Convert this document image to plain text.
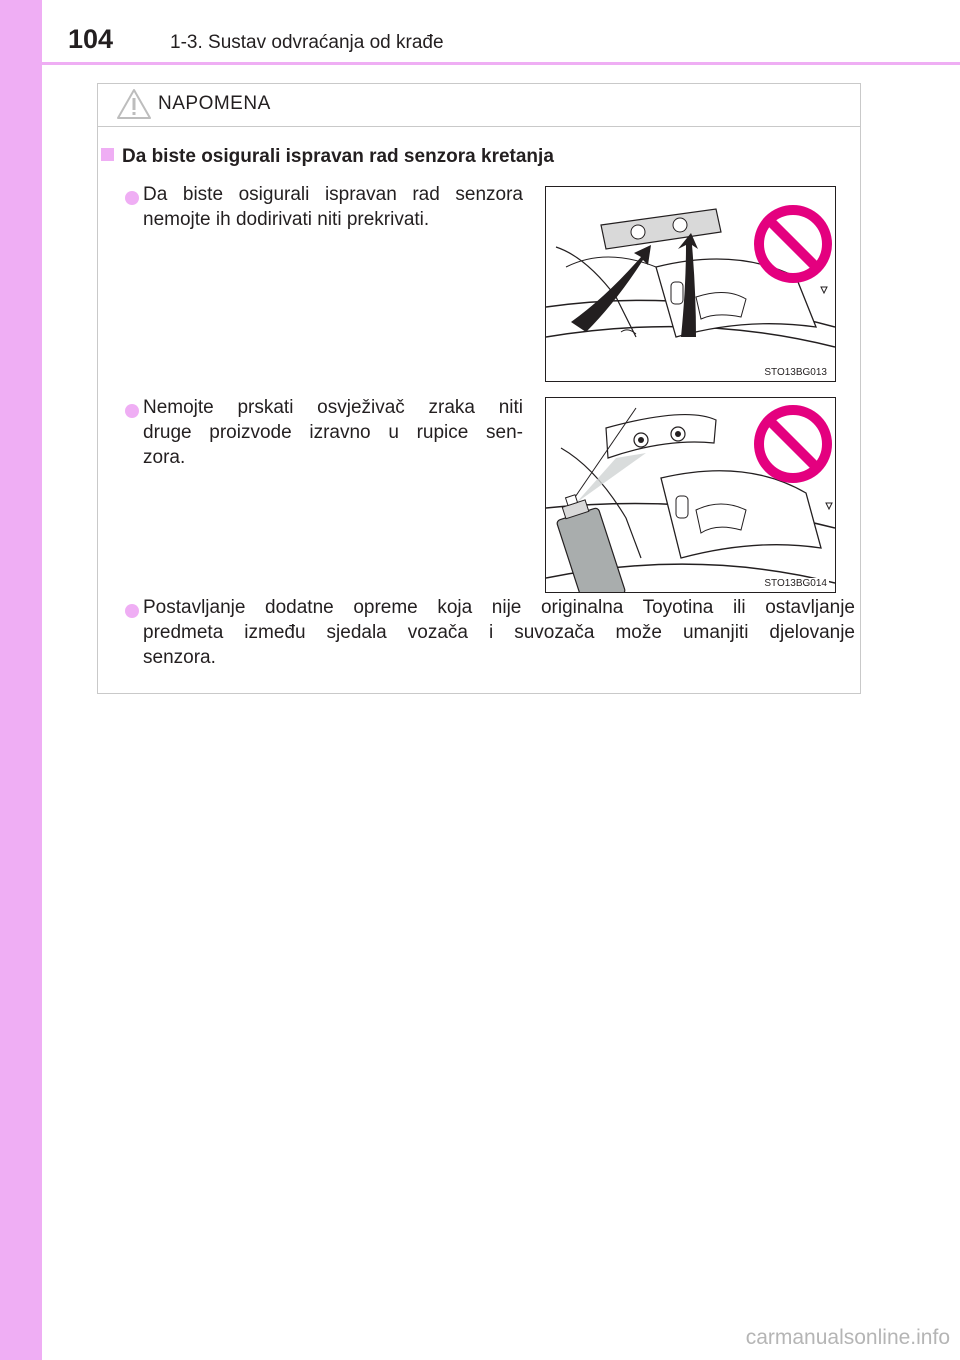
104	1-3. Sustav odvraćanja od krađe
NAPOMENA
Da biste osigurali ispravan rad senzora kretanja
Da biste osigurali ispravan rad senzora
nemojte ih dodirivati niti prekrivati.
Nemojte prskati osvježivač zraka niti
druge proizvode izravno u rupice sen-
zora.
Postavljanje dodatne opreme koja nije originalna Toyotina ili ostavljanje
predmeta između sjedala vozača i suvozača može umanjiti djelovanje
senzora.
STO13BG013
STO13BG014
carmanualsonline.info
